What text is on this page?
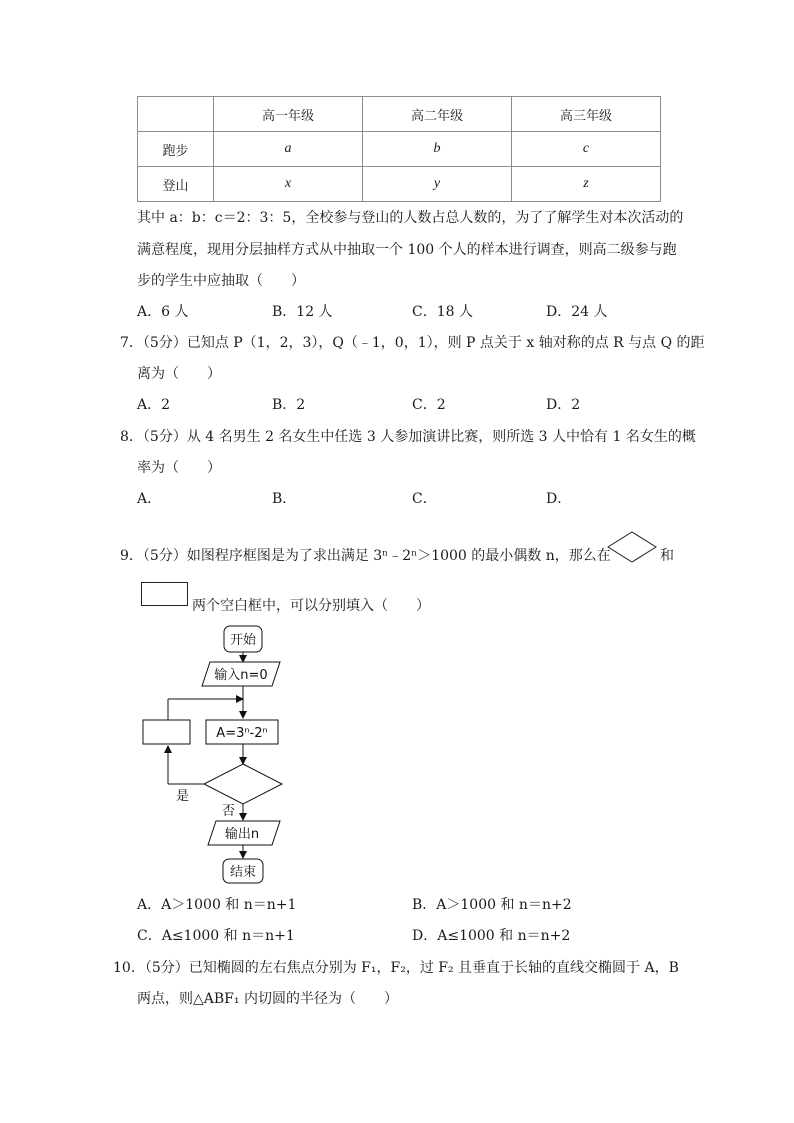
	高一年级	高二年级	高三年级
跑步	a	b	c
登山	x	y	z
其中 a：b：c＝2：3：5，全校参与登山的人数占总人数的，为了了解学生对本次活动的
满意程度，现用分层抽样方式从中抽取一个 100 个人的样本进行调查，则高二级参与跑
步的学生中应抽取（　　）
A．6 人	B．12 人	C．18 人	D．24 人
7．（5分）已知点 P（1，2，3），Q（﹣1，0，1），则 P 点关于 x 轴对称的点 R 与点 Q 的距
离为（　　）
A．2	B．2	C．2	D．2
8．（5分）从 4 名男生 2 名女生中任选 3 人参加演讲比赛，则所选 3 人中恰有 1 名女生的概
率为（　　）
A．	B．	C．	D．
9．（5分）如图程序框图是为了求出满足 3ⁿ﹣2ⁿ＞1000 的最小偶数 n，那么在	和
两个空白框中，可以分别填入（　　）
开始
输入n=0
A=3ⁿ-2ⁿ
是
否
输出n
结束
A．A＞1000 和 n＝n+1	B．A＞1000 和 n＝n+2
C．A≤1000 和 n＝n+1	D．A≤1000 和 n＝n+2
10．（5分）已知椭圆的左右焦点分别为 F₁，F₂，过 F₂ 且垂直于长轴的直线交椭圆于 A，B
两点，则△ABF₁ 内切圆的半径为（　　）
